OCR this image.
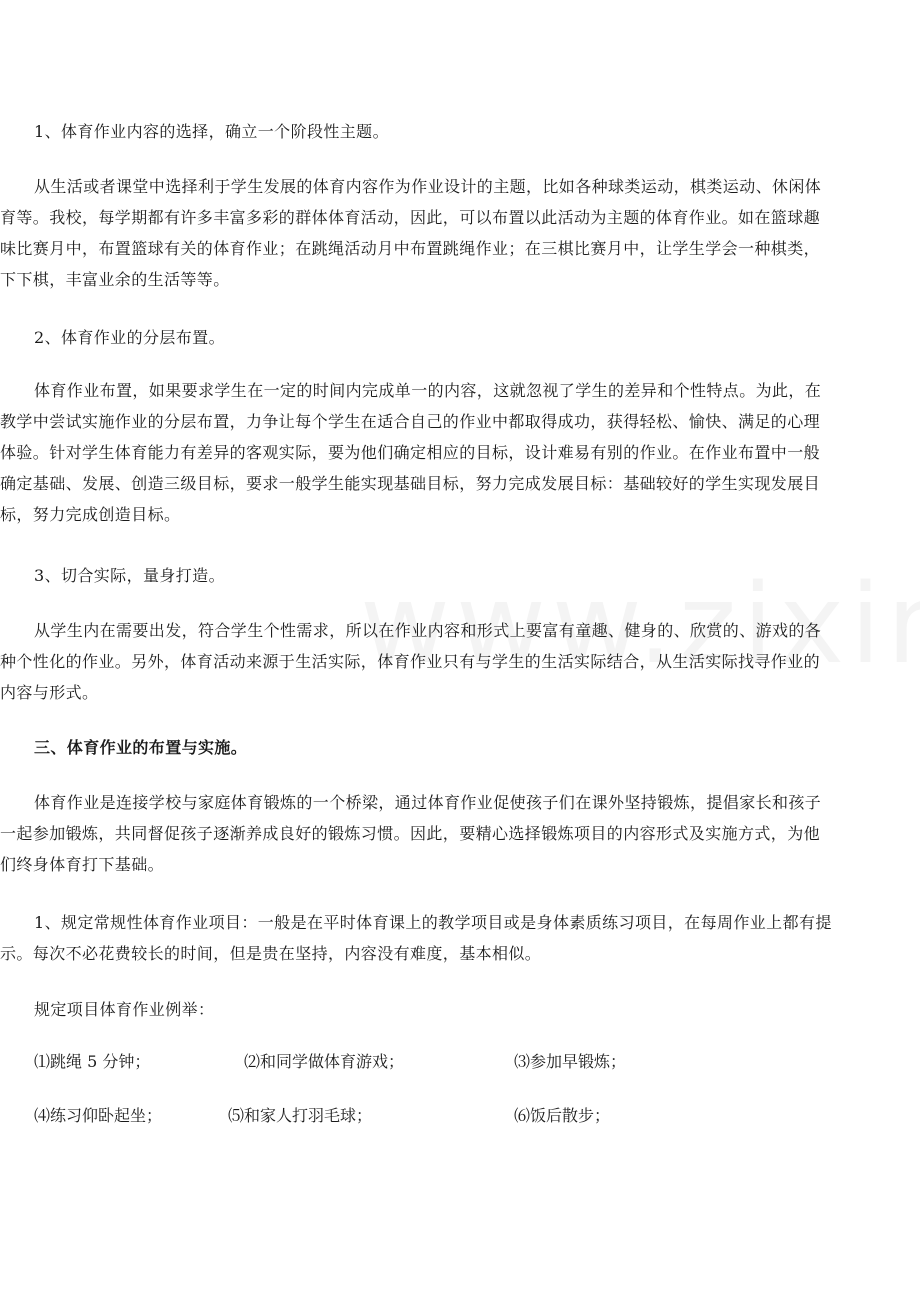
1、体育作业内容的选择，确立一个阶段性主题。

从生活或者课堂中选择利于学生发展的体育内容作为作业设计的主题，比如各种球类运动，棋类运动、休闲体
育等。我校，每学期都有许多丰富多彩的群体体育活动，因此，可以布置以此活动为主题的体育作业。如在篮球趣
味比赛月中，布置篮球有关的体育作业；在跳绳活动月中布置跳绳作业；在三棋比赛月中，让学生学会一种棋类，
下下棋，丰富业余的生活等等。

2、体育作业的分层布置。

体育作业布置，如果要求学生在一定的时间内完成单一的内容，这就忽视了学生的差异和个性特点。为此，在
教学中尝试实施作业的分层布置，力争让每个学生在适合自己的作业中都取得成功，获得轻松、愉快、满足的心理
体验。针对学生体育能力有差异的客观实际，要为他们确定相应的目标，设计难易有别的作业。在作业布置中一般
确定基础、发展、创造三级目标，要求一般学生能实现基础目标，努力完成发展目标：基础较好的学生实现发展目
标，努力完成创造目标。

3、切合实际，量身打造。

从学生内在需要出发，符合学生个性需求，所以在作业内容和形式上要富有童趣、健身的、欣赏的、游戏的各
种个性化的作业。另外，体育活动来源于生活实际，体育作业只有与学生的生活实际结合，从生活实际找寻作业的
内容与形式。

三、体育作业的布置与实施。

体育作业是连接学校与家庭体育锻炼的一个桥梁，通过体育作业促使孩子们在课外坚持锻炼，提倡家长和孩子
一起参加锻炼，共同督促孩子逐渐养成良好的锻炼习惯。因此，要精心选择锻炼项目的内容形式及实施方式，为他
们终身体育打下基础。
1、规定常规性体育作业项目：一般是在平时体育课上的教学项目或是身体素质练习项目，在每周作业上都有提
示。每次不必花费较长的时间，但是贵在坚持，内容没有难度，基本相似。

规定项目体育作业例举：

⑴跳绳 5 分钟；	⑵和同学做体育游戏；	⑶参加早锻炼；
⑷练习仰卧起坐；	⑸和家人打羽毛球；	⑹饭后散步；
